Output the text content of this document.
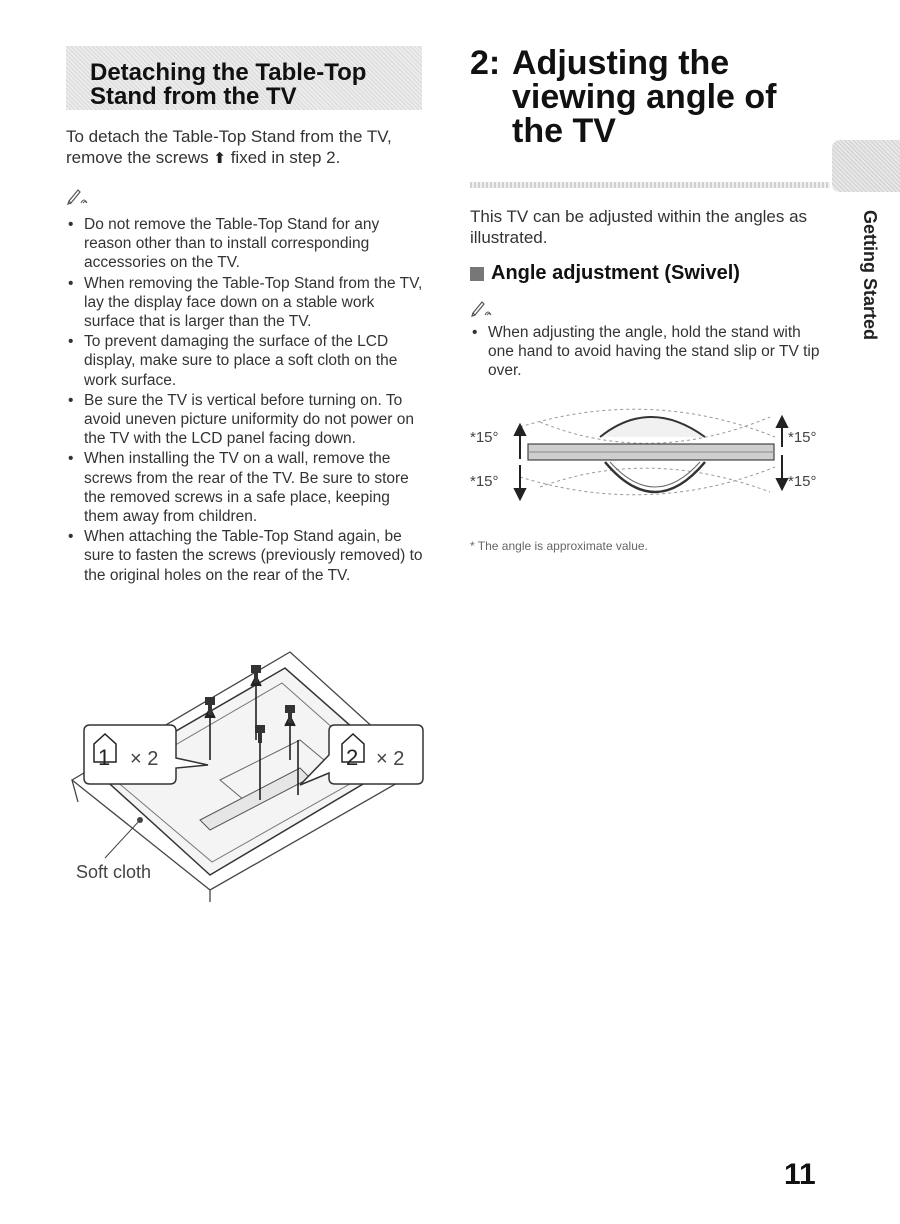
Detaching the Table-Top
Stand from the TV
To detach the Table-Top Stand from the TV, remove the screws ⬆︎ fixed in step 2.
• Do not remove the Table-Top Stand for any reason other than to install corresponding accessories on the TV.
• When removing the Table-Top Stand from the TV, lay the display face down on a stable work surface that is larger than the TV.
• To prevent damaging the surface of the LCD display, make sure to place a soft cloth on the work surface.
• Be sure the TV is vertical before turning on. To avoid uneven picture uniformity do not power on the TV with the LCD panel facing down.
• When installing the TV on a wall, remove the screws from the rear of the TV. Be sure to store the removed screws in a safe place, keeping them away from children.
• When attaching the Table-Top Stand again, be sure to fasten the screws (previously removed) to the original holes on the rear of the TV.
1 × 2	2 × 2
Soft cloth
2: Adjusting the
viewing angle of
the TV
This TV can be adjusted within the angles as illustrated.
Angle adjustment (Swivel)
• When adjusting the angle, hold the stand with one hand to avoid having the stand slip or TV tip over.
*15°
*15°
*15°
*15°
* The angle is approximate value.
Getting Started
11
